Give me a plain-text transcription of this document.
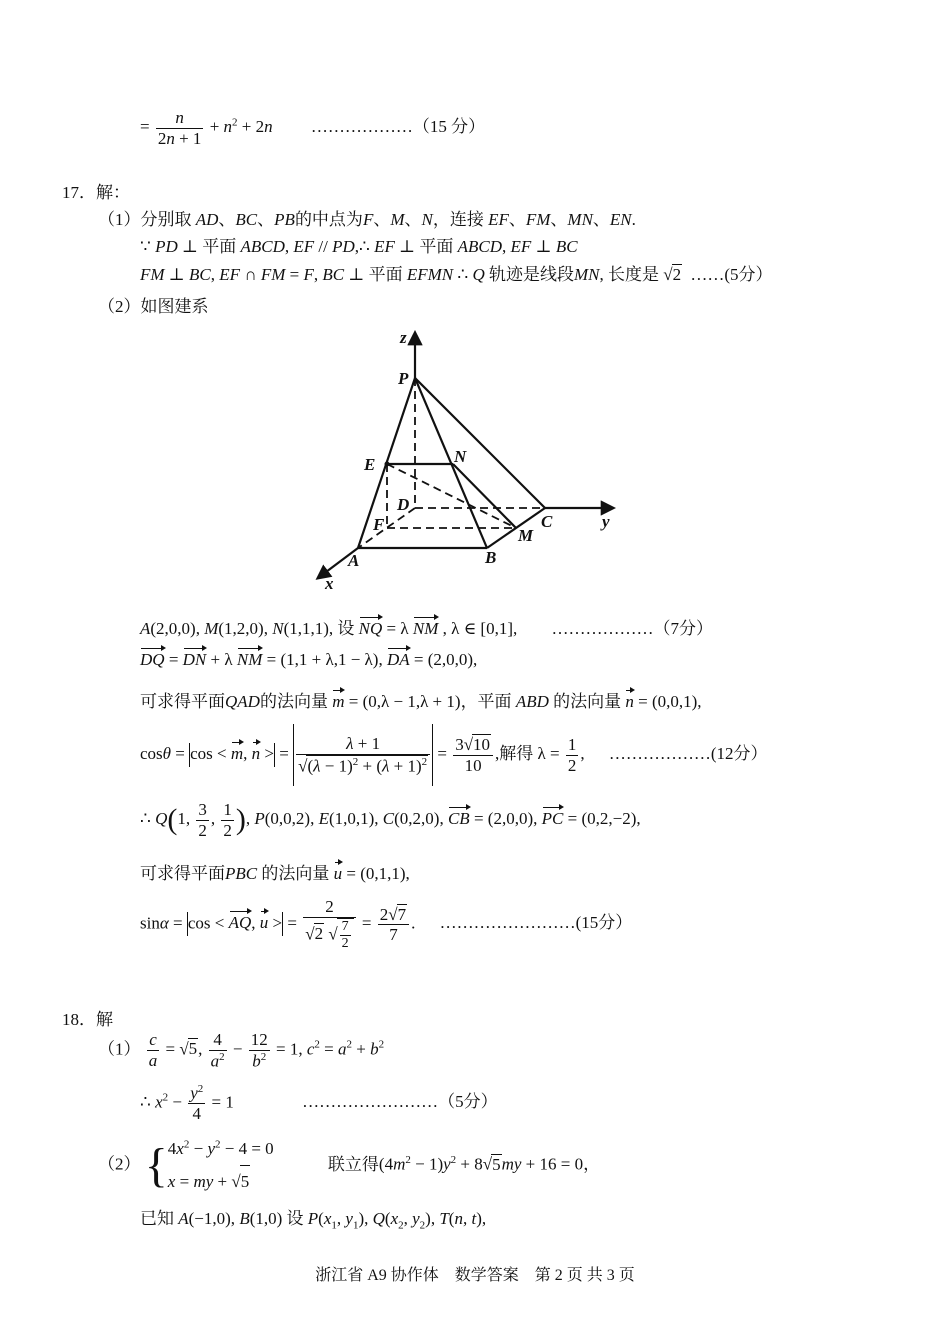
= $\frac{n}{2n + 1} + n^2 + 2n$ ………………（15 分）
17．解：
（1）分别取 AD、BC、PB的中点为F、M、N，连接 EF、FM、MN、EN.
∵ PD ⊥ 平面 ABCD, EF // PD,∴ EF ⊥ 平面 ABCD, EF ⊥ BC
FM ⊥ BC, EF ∩ FM = F, BC ⊥ 平面 EFMN ∴ Q 轨迹是线段MN, 长度是 √2 ……(5分）
（2）如图建系
z
P
E	N
D
F	C	y
M
A	B
x
A(2,0,0), M(1,2,0), N(1,1,1), 设 NQ = λ NM , λ ∈ [0,1], ………………（7分）
DQ = DN + λ NM = (1,1 + λ,1 − λ), DA = (2,0,0),
可求得平面QAD的法向量 m = (0,λ − 1,λ + 1)，平面 ABD 的法向量 n = (0,0,1),
cosθ = cos < m, n > = $\frac{\lambda + 1}{√(\lambda - 1)^2 + (\lambda + 1)^2} = \frac{3√10}{10}$ ,解得 $\lambda = \frac{1}{2}$ , ………………(12分）
∴ Q(1, $\frac{3}{2}$ , $\frac{1}{2}$ ), P(0,0,2), E(1,0,1), C(0,2,0), CB = (2,0,0), PC = (0,2,−2),
可求得平面PBC 的法向量 u = (0,1,1),
sinα = cos < AQ, u > = $\frac{2}{√2 √ \frac{7}{2}} = \frac{2√7}{7}$ . ……………………(15分）
18．解
$(1) \frac{c}{a} = √5$, $\frac{4}{a^2} - \frac{12}{b^2} = 1$, $c^2 = a^2 + b^2$
∴ $x^2 - \frac{y^2}{4} = 1$	……………………（5分）
（2） {$4x^2 - y^2 - 4 = 0$
x = my + √5 联立得$(4m^2 - 1)y^2 + 8√5my + 16 = 0$，
已知 A(−1,0), B(1,0) 设 $P(x_1$, $y_1$), $Q(x_2$, $y_2$), T(n, t),
浙江省 A9 协作体　数学答案　第 2 页 共 3 页
